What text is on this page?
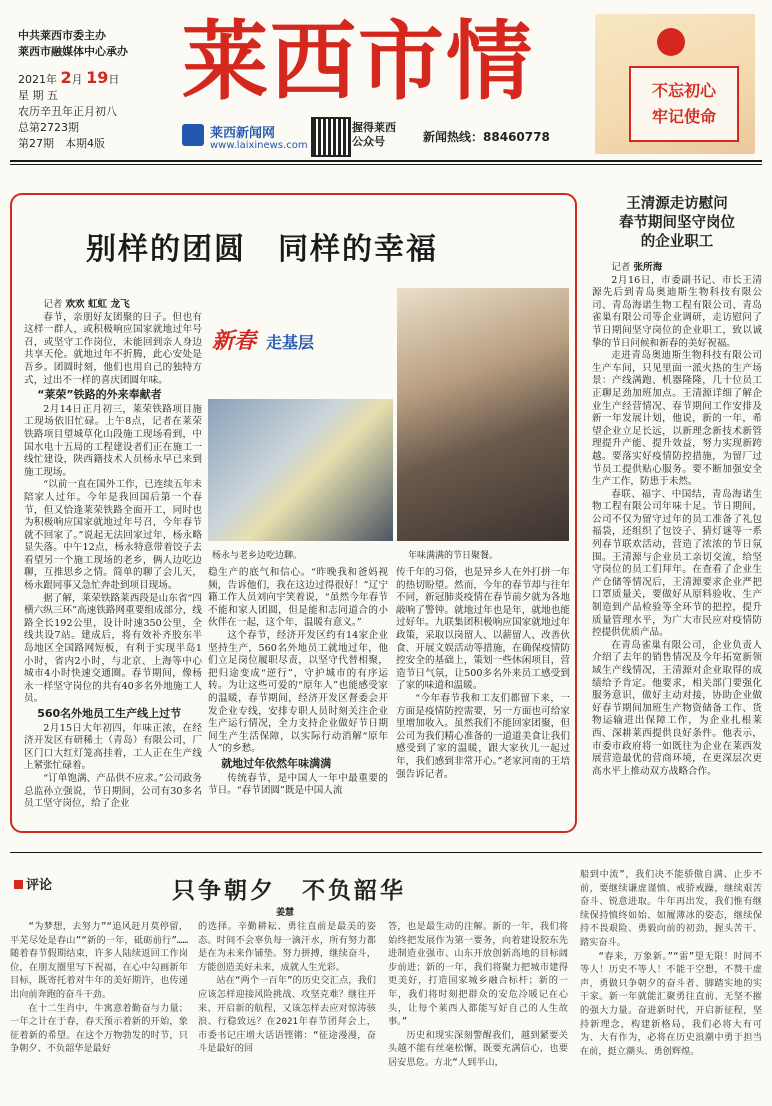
中共莱西市委主办
莱西市融媒体中心承办
2021年 2月 19日
星 期 五
农历辛丑年正月初八
总第2723期
第27期　本期4版
莱西市情
莱西新闻网
www.laixinews.com
握得莱西
公众号	新闻热线：88460778
不忘初心
牢记使命
别样的团圆　同样的幸福
记者 欢欢 虹虹 龙飞

春节，亲朋好友团聚的日子。但也有这样一群人，或积极响应国家就地过年号召，或坚守工作岗位，未能回到亲人身边共享天伦。就地过年不折腾，此心安处是吾乡。团圆时刻，他们也用自己的独特方式，过出不一样的喜庆团圆年味。

“莱荣”铁路的外来奉献者

2月14日正月初三，莱荣铁路项目施工现场依旧忙碌。上午8点，记者在莱荣铁路项目望城草化山段施工现场看到，中国水电十五局的工程建设者们正在施工一线忙建设，陕西籍技术人员杨永早已来到施工现场。

“以前一直在国外工作，已连续五年未陪家人过年。今年是我回国后第一个春节，但又恰逢莱荣铁路全面开工，同时也为积极响应国家就地过年号召，今年春节就不回家了。”说起无法回家过年，杨永略显失落。中午12点，杨永特意带着饺子去看望另一个施工现场的老乡，俩人边吃边聊，互推思乡之情。简单的聊了会儿天，杨永跟同事又急忙奔赴到项目现场。

据了解，莱荣铁路莱西段是山东省“四横六纵三环”高速铁路网重要组成部分，线路全长192公里，设计时速350公里，全线共设7站。建成后，将有效补齐胶东半岛地区全国路网短板，有利于实现半岛1小时，省内2小时，与北京、上海等中心城市4小时快速交通圈。春节期间，像杨永一样坚守岗位的共有40多名外地施工人员。

560名外地员工生产线上过节

2月15日大年初四，年味正浓，在经济开发区有研稀土（青岛）有限公司，厂区门口大红灯笼高挂着，工人正在生产线上紧张忙碌着。

“订单饱满、产品供不应求。”公司政务总监孙立强说，节日期间，公司有30多名员工坚守岗位，给了企业

新春 走基层
杨永与老乡边吃边聊。	年味满满的节日聚餐。

稳生产的底气和信心。“昨晚我和爸妈视频，告诉他们，我在这边过得很好！”辽宁籍工作人员刘向宇笑着说，“虽然今年春节不能和家人团圆，但是能和志同道合的小伙伴在一起，这个年，温暖有意义。”

这个春节，经济开发区约有14家企业坚持生产，560名外地员工就地过年，他们立足岗位履职尽责，以坚守代替相聚，把归途变成“逆行”，守护城市的有序运转。为让这些可爱的“原年人”也能感受家的温暖，春节期间，经济开发区督委会开发企业专线，安排专职人员时刻关注企业生产运行情况，全力支持企业做好节日期间生产生活保障，以实际行动消解“原年人”的乡愁。

就地过年依然年味满满

传统春节，是中国人一年中最重要的节日。“春节团圆”既是中国人流

传千年的习俗，也是异乡人在外打拼一年的热切盼望。然而，今年的春节却与往年不同，新冠肺炎疫情在春节前夕就为各地敲响了警钟。就地过年也是年，就地也能过好年。九联集团积极响应国家就地过年政策，采取以岗留人、以薪留人、改善伙食、开展文娱活动等措施，在确保疫情防控安全的基础上，策划一些休闲项目，营造节日气氛，让500多名外来员工感受到了家的味道和温暖。

“今年春节我和工友们都留下来，一方面是疫情防控需要，另一方面也可给家里增加收入。虽然我们不能回家团聚，但公司为我们精心准备的一道道美食让我们感受到了家的温暖，跟大家伙儿一起过年，我们感到非常开心。”老家河南的王培强告诉记者。

王清源走访慰问
春节期间坚守岗位
的企业职工
记者 张所海

2月16日，市委副书记、市长王清源先后到青岛奥迪斯生物科技有限公司、青岛海诺生物工程有限公司、青岛雀巢有限公司等企业调研，走访慰问了节日期间坚守岗位的企业职工，致以诚挚的节日问候和新春的美好祝福。

走进青岛奥迪斯生物科技有限公司生产车间，只见里面一派火热的生产场景：产线满跑、机器隆隆，几十位员工正聊足劲加班加点。王清源详细了解企业生产经营情况、春节期间工作安排及新一年发展计划，他说，新的一年，希望企业立足长远，以新理念新技术新管理提升产能、提升效益，努力实现新跨越。要落实好疫情防控措施，为留厂过节员工提供贴心服务。要不断加强安全生产工作，防患于未然。

春联、福字、中国结，青岛海诺生物工程有限公司年味十足。节日期间，公司不仅为留守过年的员工准备了礼包福袋，还组织了包饺子、猜灯谜等一系列春节联欢活动，营造了浓浓的节日氛围。王清源与企业员工亲切交流，给坚守岗位的员工们拜年。在查看了企业生产仓储等情况后，王清源要求企业严把口罩质量关，要做好从原料验收、生产制造到产品检验等全环节的把控，提升质量管理水平，为广大市民应对疫情防控提供优质产品。

在青岛雀巢有限公司，企业负责人介绍了去年的销售情况及今年拓宽新领域生产线情况，王清源对企业取得的成绩给予肯定。他要求，相关部门要强化服务意识，做好主动对接，协助企业做好春节期间加班生产物资储备工作、货物运输进出保障工作，为企业扎根莱西、深耕莱西提供良好条件。他表示，市委市政府将一如既往为企业在莱西发展营造最优的营商环境，在更深层次更高水平上推动双方战略合作。

评论	只争朝夕　不负韶华
姜慧

“为梦想，去努力”“追风赶月莫停留，平芜尽处是春山”“新的一年，砥砺前行”……随着春节假期结束，许多人陆续返回工作岗位，在朋友圈里写下祝福，在心中勾画新年目标，既寄托着对牛年的美好期许，也传递出向前奔跑的奋斗干劲。

在十二生肖中，牛寓意着勤奋与力量；一年之计在于春，春天预示着新的开始，象征着新的希望。在这个万物勃发的时节，只争朝夕、不负韶华是最好

的选择。辛勤耕耘、勇往直前是最美的姿态。时间不会辜负每一滴汗水，所有努力都是在为未来作铺垫。努力拼搏，继续奋斗，方能创造美好未来，成就人生光彩。

站在“两个一百年”的历史交汇点，我们应该怎样迎接风险挑战、攻坚克难？继往开来、开启新的航程，又该怎样去应对惊涛骇浪、行稳致远？在2021年春节团拜会上，市委书记庄增大话语铿锵：“征途漫漫，奋斗是最好的回

答，也是最生动的注解。新的一年，我们将始终把发展作为第一要务，向着建设胶东先进制造业强市、山东开放创新高地的目标阔步前进；新的一年，我们将聚力把城市建得更美好，打造国家城乡融合标杆；新的一年，我们将时刻把群众的安危冷暖记在心头，让每个莱西人都能写好自己的人生故事。”

历史和现实深刻警醒我们，越到紧要关头越不能有丝毫松懈，既要充满信心，也要居安思危。方北“人到半山，

船到中流”，我们决不能骄傲自满、止步不前，要继续谦虚谨慎、戒骄戒躁，继续艰苦奋斗、锐意进取。牛年再出发，我们惟有继续保持慎终如始、如履薄冰的姿态，继续保持不畏艰险、勇毅向前的初劲，握头苦干、踏实奋斗。

“春来，万象新。”“雷”望无限！时间不等人！历史不等人！不能干空想，不赞干虚声，勇做只争朝夕的奋斗者、脚踏实地的实干家。新一年就能汇聚勇往直前、无坚不摧的强大力量。奋进新时代，开启新征程，坚持新理念，构建新格局，我们必将大有可为、大有作为，必将在历史浪潮中勇于担当在前，挺立潮头、勇创辉煌。
